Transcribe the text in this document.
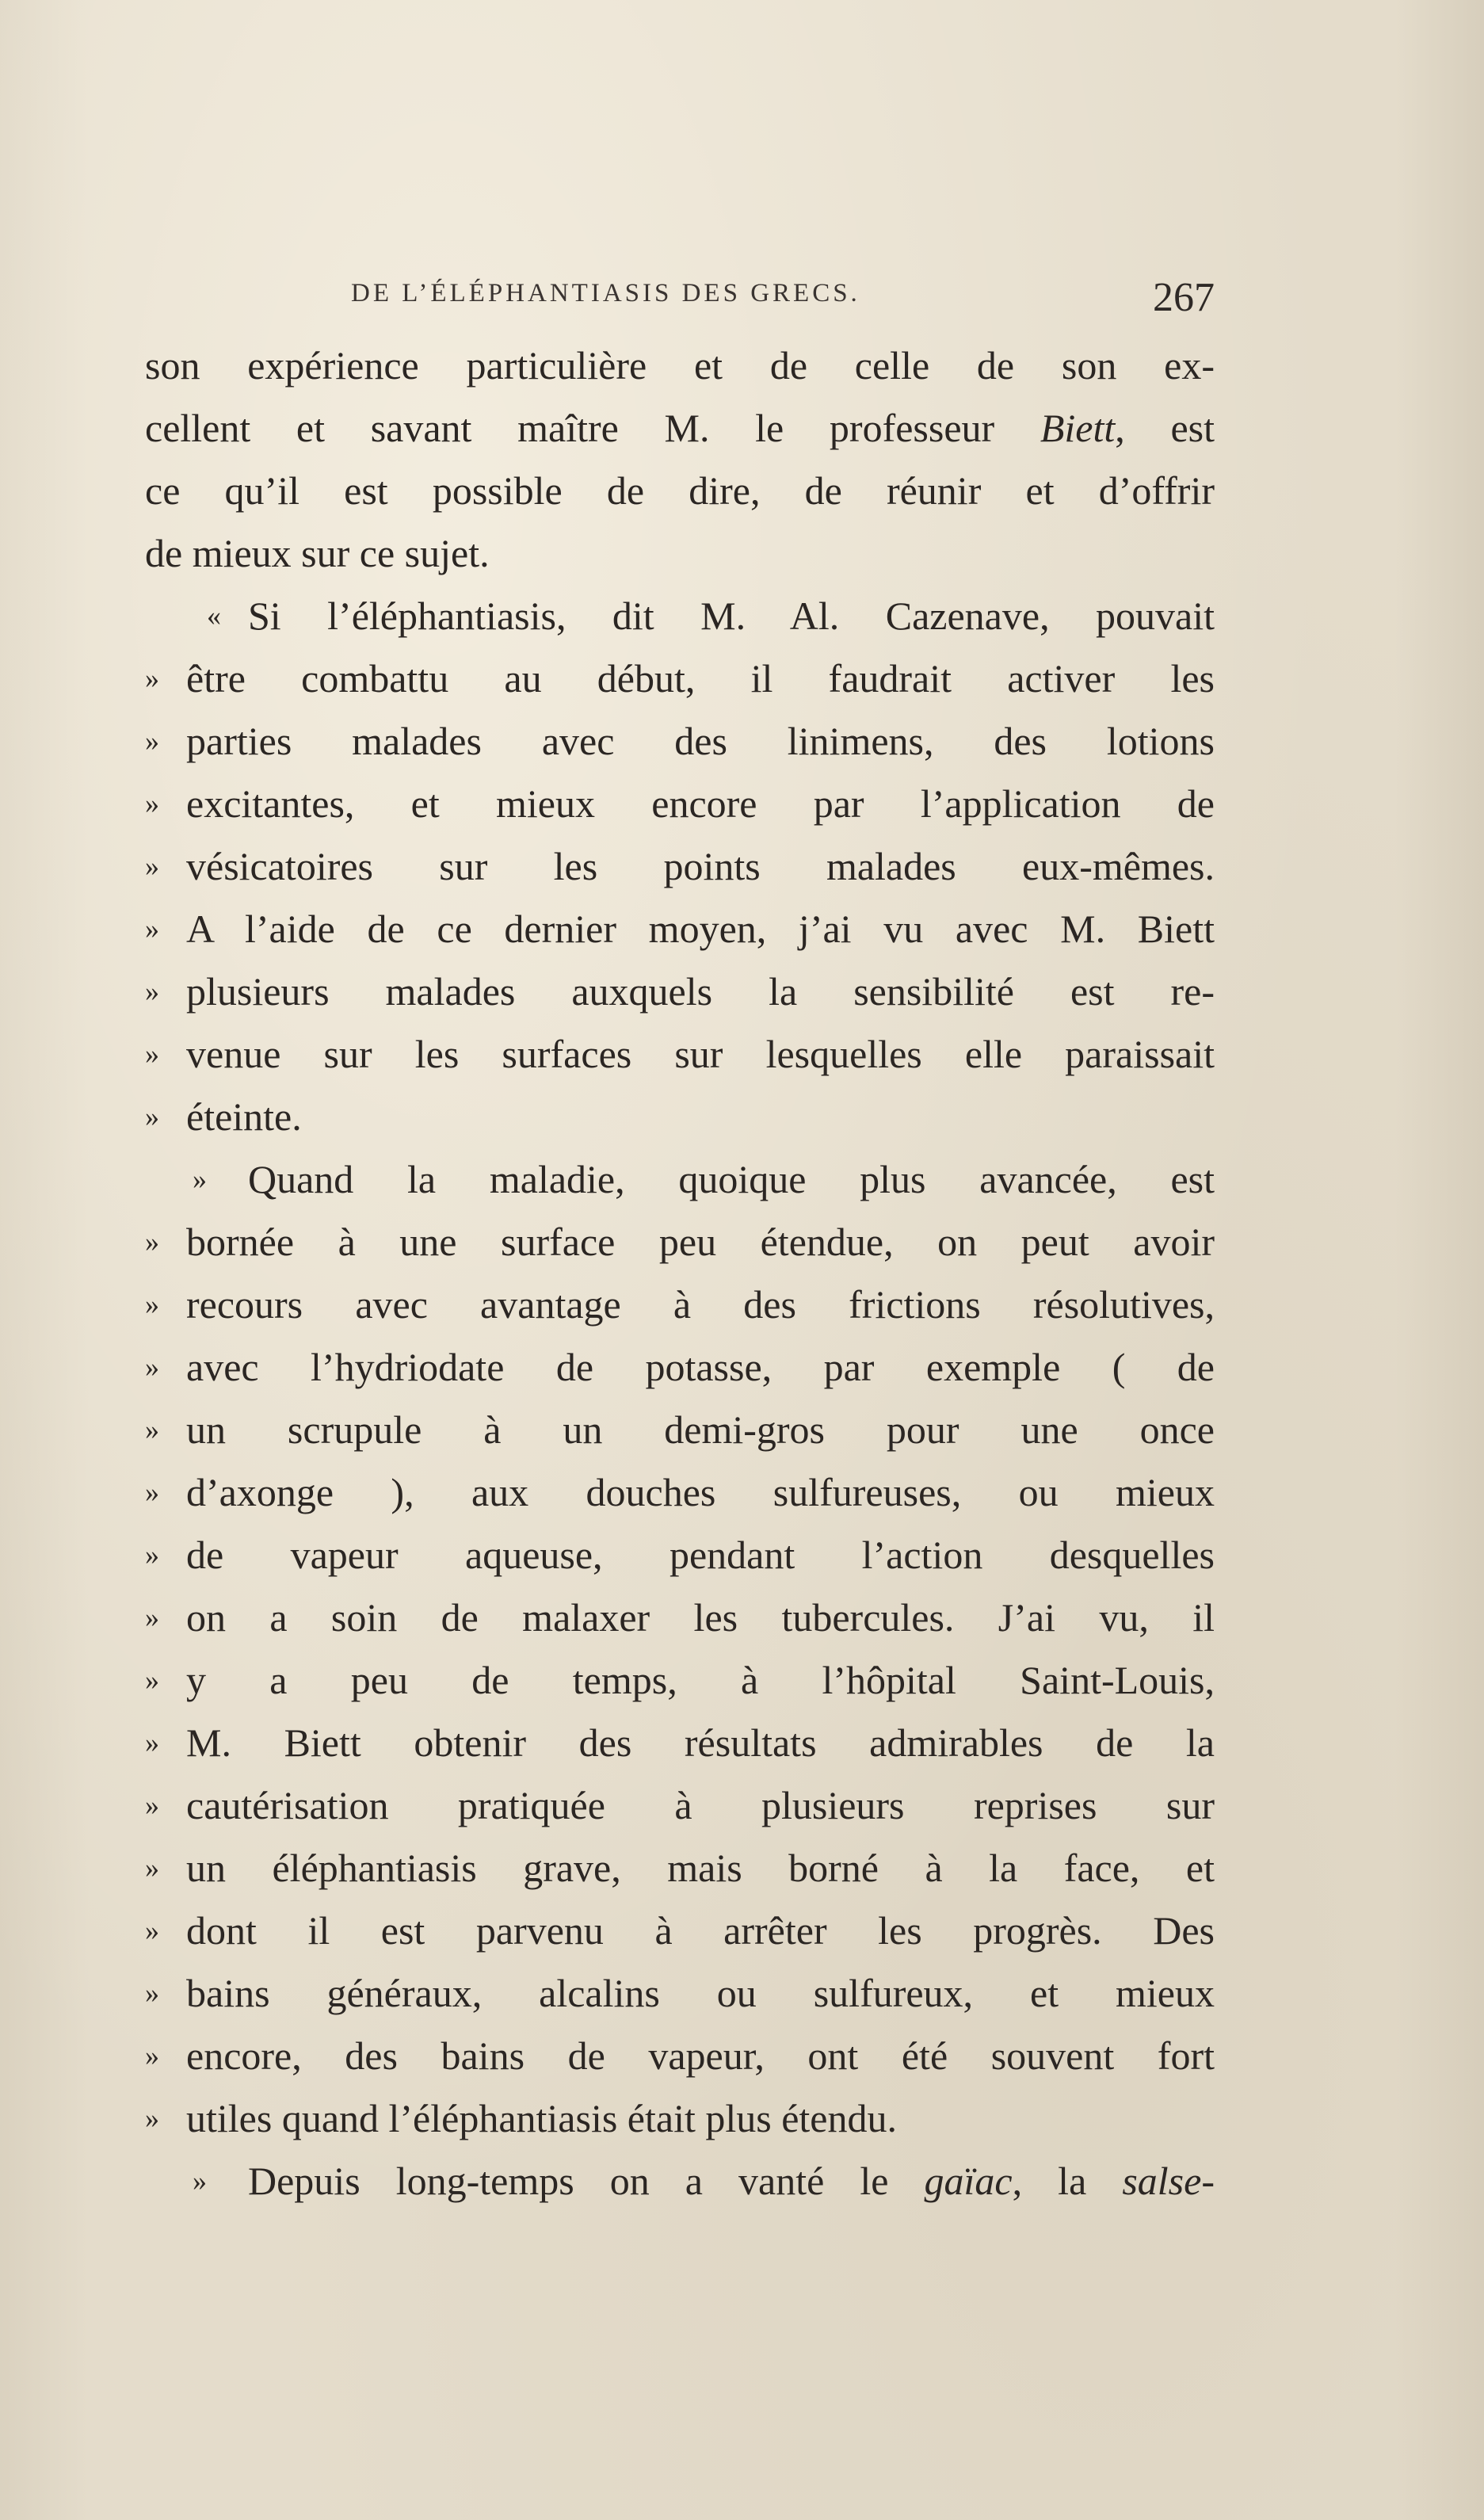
DE L’ÉLÉPHANTIASIS DES GRECS.	267
son expérience particulière et de celle de son ex-
cellent et savant maître M. le professeur Biett, est
ce qu’il est possible de dire, de réunir et d’offrir
de mieux sur ce sujet.
« Si l’éléphantiasis, dit M. Al. Cazenave, pouvait
» être combattu au début, il faudrait activer les
» parties malades avec des linimens, des lotions
» excitantes, et mieux encore par l’application de
» vésicatoires sur les points malades eux-mêmes.
» A l’aide de ce dernier moyen, j’ai vu avec M. Biett
» plusieurs malades auxquels la sensibilité est re-
» venue sur les surfaces sur lesquelles elle paraissait
» éteinte.
» Quand la maladie, quoique plus avancée, est
» bornée à une surface peu étendue, on peut avoir
» recours avec avantage à des frictions résolutives,
» avec l’hydriodate de potasse, par exemple ( de
» un scrupule à un demi-gros pour une once
» d’axonge ), aux douches sulfureuses, ou mieux
» de vapeur aqueuse, pendant l’action desquelles
» on a soin de malaxer les tubercules. J’ai vu, il
» y a peu de temps, à l’hôpital Saint-Louis,
» M. Biett obtenir des résultats admirables de la
» cautérisation pratiquée à plusieurs reprises sur
» un éléphantiasis grave, mais borné à la face, et
» dont il est parvenu à arrêter les progrès. Des
» bains généraux, alcalins ou sulfureux, et mieux
» encore, des bains de vapeur, ont été souvent fort
» utiles quand l’éléphantiasis était plus étendu.
» Depuis long-temps on a vanté le gaïac, la salse-
